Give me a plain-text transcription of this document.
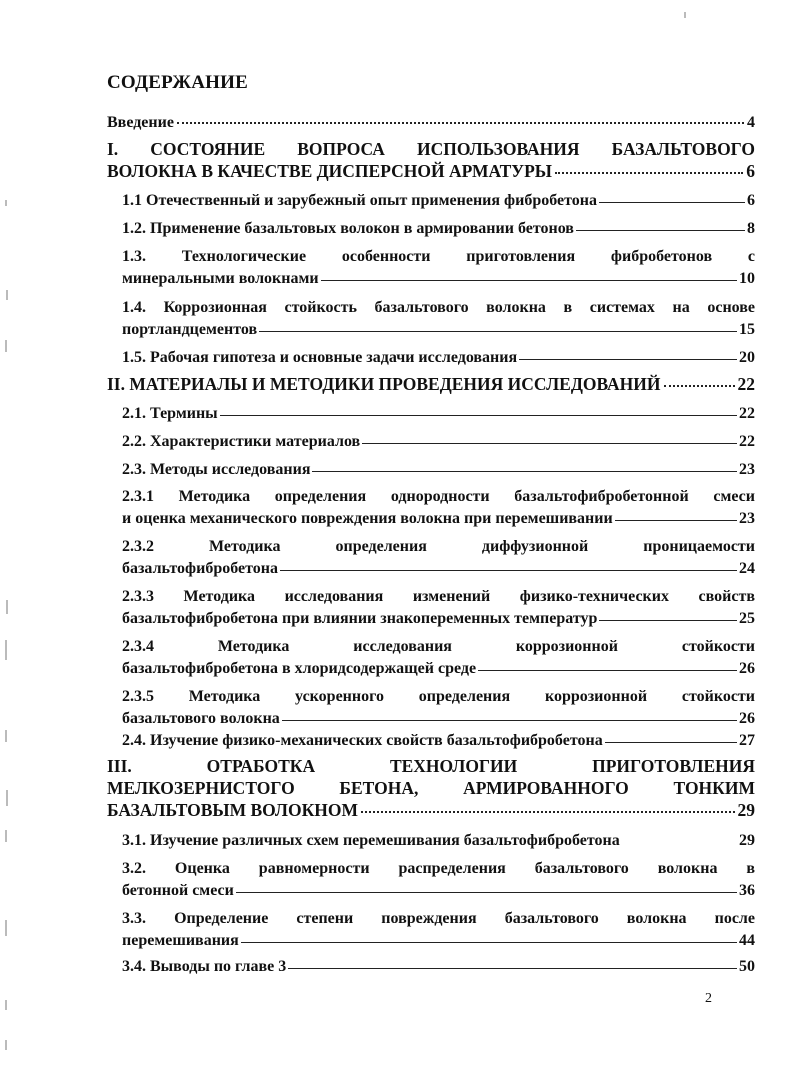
СОДЕРЖАНИЕ
Введение	4
I. СОСТОЯНИЕ ВОПРОСА ИСПОЛЬЗОВАНИЯ БАЗАЛЬТОВОГО
ВОЛОКНА В КАЧЕСТВЕ ДИСПЕРСНОЙ АРМАТУРЫ	6
1.1 Отечественный и зарубежный опыт применения фибробетона	6
1.2. Применение базальтовых волокон в армировании бетонов	8
1.3. Технологические особенности приготовления фибробетонов с
минеральными волокнами	10
1.4. Коррозионная стойкость базальтового волокна в системах на основе
портландцементов	15
1.5. Рабочая гипотеза и основные задачи исследования	20
II. МАТЕРИАЛЫ И МЕТОДИКИ ПРОВЕДЕНИЯ ИССЛЕДОВАНИЙ	22
2.1. Термины	22
2.2. Характеристики материалов	22
2.3. Методы исследования	23
2.3.1 Методика определения однородности базальтофибробетонной смеси
и оценка механического повреждения волокна при перемешивании	23
2.3.2 Методика определения диффузионной проницаемости
базальтофибробетона	24
2.3.3 Методика исследования изменений физико-технических свойств
базальтофибробетона при влиянии знакопеременных температур	25
2.3.4 Методика исследования коррозионной стойкости
базальтофибробетона в хлоридсодержащей среде	26
2.3.5 Методика ускоренного определения коррозионной стойкости
базальтового волокна	26
2.4. Изучение физико-механических свойств базальтофибробетона	27
III. ОТРАБОТКА ТЕХНОЛОГИИ ПРИГОТОВЛЕНИЯ
МЕЛКОЗЕРНИСТОГО БЕТОНА, АРМИРОВАННОГО ТОНКИМ
БАЗАЛЬТОВЫМ ВОЛОКНОМ	29
3.1. Изучение различных схем перемешивания базальтофибробетона	29
3.2. Оценка равномерности распределения базальтового волокна в
бетонной смеси	36
3.3. Определение степени повреждения базальтового волокна после
перемешивания	44
3.4. Выводы по главе 3	50
2
